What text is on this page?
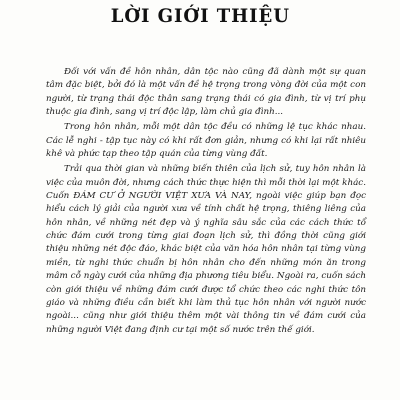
LỜI GIỚI THIỆU

Đối với vấn đề hôn nhân, dân tộc nào cũng đã dành một sự quan tâm đặc biệt, bởi đó là một vấn đề hệ trọng trong vòng đời của một con người, từ trạng thái độc thân sang trạng thái có gia đình, từ vị trí phụ thuộc gia đình, sang vị trí độc lập, làm chủ gia đình...

Trong hôn nhân, mỗi một dân tộc đều có những lệ tục khác nhau. Các lễ nghi - tập tục này có khi rất đơn giản, nhưng có khi lại rất nhiêu khê và phức tạp theo tập quán của từng vùng đất.

Trải qua thời gian và những biến thiên của lịch sử, tuy hôn nhân là việc của muôn đời, nhưng cách thức thực hiện thì mỗi thời lại một khác. Cuốn ĐÁM CƯ Ở NGƯỜI VIỆT XƯA VÀ NAY, ngoài việc giúp bạn đọc hiểu cách lý giải của người xưa về tính chất hệ trọng, thiêng liêng của hôn nhân, về những nét đẹp và ý nghĩa sâu sắc của các cách thức tổ chức đám cưới trong từng giai đoạn lịch sử, thì đồng thời cũng giới thiệu những nét độc đáo, khác biệt của văn hóa hôn nhân tại từng vùng miền, từ nghi thức chuẩn bị hôn nhân cho đến những món ăn trong mâm cỗ ngày cưới của những địa phương tiêu biểu. Ngoài ra, cuốn sách còn giới thiệu về những đám cưới được tổ chức theo các nghi thức tôn giáo và những điều cần biết khi làm thủ tục hôn nhân với người nước ngoài... cũng như giới thiệu thêm một vài thông tin về đám cưới của những người Việt đang định cư tại một số nước trên thế giới.
